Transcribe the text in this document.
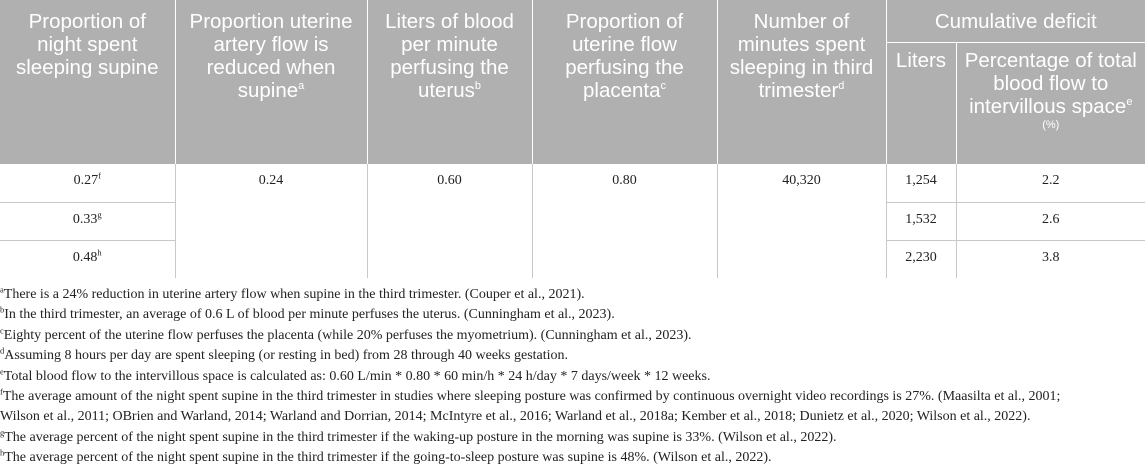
Proportion of night spent sleeping supine	Proportion uterine artery flow is reduced when supine$^a$	Liters of blood per minute perfusing the uterus$^b$	Proportion of uterine flow perfusing the placenta$^c$	Number of minutes spent sleeping in third trimester$^d$	Cumulative deficit	
					Liters	Percentage of total blood flow to intervillous space$^e$ (%)
0.27$^f$	0.24	0.60	0.80	40,320	1,254	2.2
0.33$^g$					1,532	2.6
0.48$^h$					2,230	3.8
$^a$There is a 24% reduction in uterine artery flow when supine in the third trimester. (Couper et al., 2021).
$^b$In the third trimester, an average of 0.6 L of blood per minute perfuses the uterus. (Cunningham et al., 2023).
$^c$Eighty percent of the uterine flow perfuses the placenta (while 20% perfuses the myometrium). (Cunningham et al., 2023).
$^d$Assuming 8 hours per day are spent sleeping (or resting in bed) from 28 through 40 weeks gestation.
$^e$Total blood flow to the intervillous space is calculated as: 0.60 L/min * 0.80 * 60 min/h * 24 h/day * 7 days/week * 12 weeks.
$^f$The average amount of the night spent supine in the third trimester in studies where sleeping posture was confirmed by continuous overnight video recordings is 27%. (Maasilta et al., 2001;
Wilson et al., 2011; OBrien and Warland, 2014; Warland and Dorrian, 2014; McIntyre et al., 2016; Warland et al., 2018a; Kember et al., 2018; Dunietz et al., 2020; Wilson et al., 2022).
$^g$The average percent of the night spent supine in the third trimester if the waking-up posture in the morning was supine is 33%. (Wilson et al., 2022).
$^h$The average percent of the night spent supine in the third trimester if the going-to-sleep posture was supine is 48%. (Wilson et al., 2022).
